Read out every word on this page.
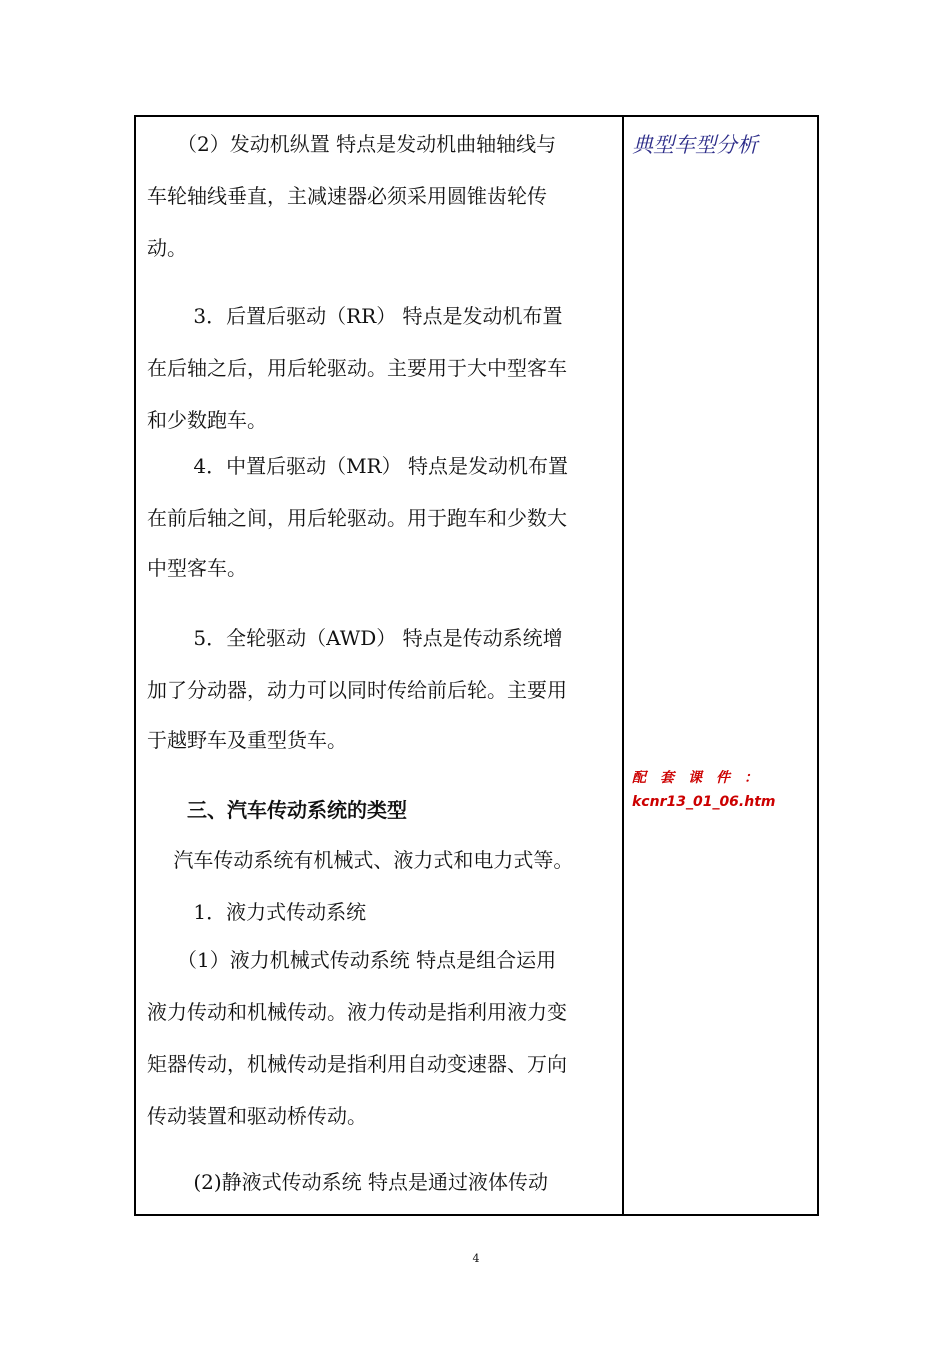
　　（2）发动机纵置 特点是发动机曲轴轴线与
车轮轴线垂直，主减速器必须采用圆锥齿轮传
动。
　　 3．后置后驱动（RR） 特点是发动机布置
在后轴之后，用后轮驱动。主要用于大中型客车
和少数跑车。
　　 4．中置后驱动（MR） 特点是发动机布置
在前后轴之间，用后轮驱动。用于跑车和少数大
中型客车。
　　 5．全轮驱动（AWD） 特点是传动系统增
加了分动器，动力可以同时传给前后轮。主要用
于越野车及重型货车。
　　三、汽车传动系统的类型
　 汽车传动系统有机械式、液力式和电力式等。
　　 1．液力式传动系统
　　（1）液力机械式传动系统 特点是组合运用
液力传动和机械传动。液力传动是指利用液力变
矩器传动，机械传动是指利用自动变速器、万向
传动装置和驱动桥传动。
　　 (2)静液式传动系统 特点是通过液体传动
典型车型分析
配　套　课　件　：
kcnr13_01_06.htm
4
